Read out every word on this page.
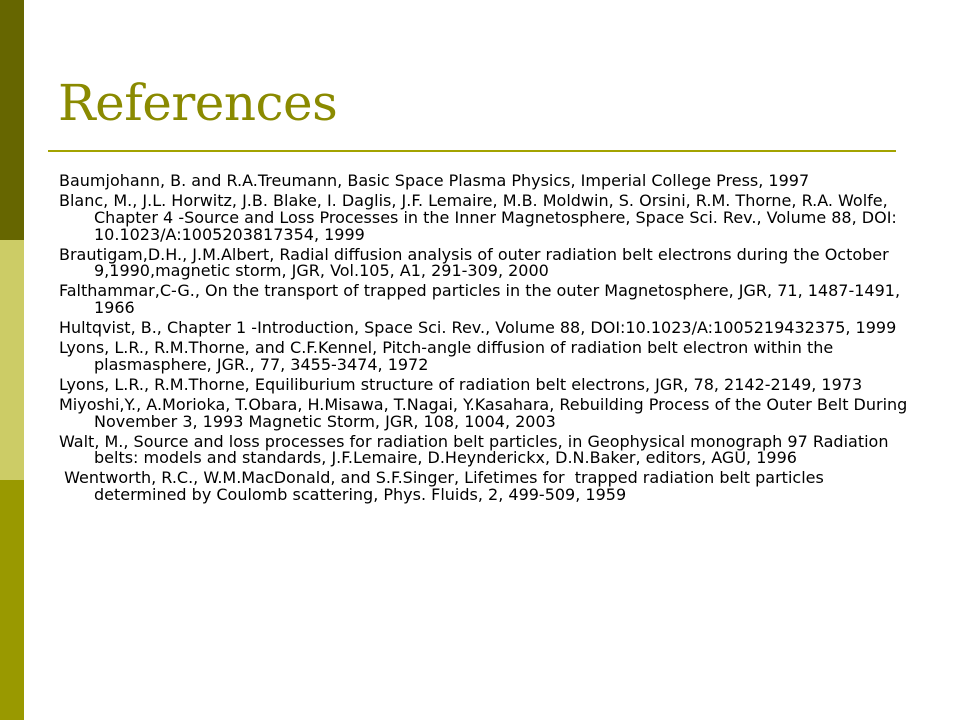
References
Baumjohann, B. and R.A.Treumann, Basic Space Plasma Physics, Imperial College Press, 1997
Blanc, M., J.L. Horwitz, J.B. Blake, I. Daglis, J.F. Lemaire, M.B. Moldwin, S. Orsini, R.M. Thorne, R.A. Wolfe, Chapter 4 -Source and Loss Processes in the Inner Magnetosphere, Space Sci. Rev., Volume 88, DOI: 10.1023/A:1005203817354, 1999
Brautigam,D.H., J.M.Albert, Radial diffusion analysis of outer radiation belt electrons during the October 9,1990,magnetic storm, JGR, Vol.105, A1, 291-309, 2000
Falthammar,C-G., On the transport of trapped particles in the outer Magnetosphere, JGR, 71, 1487-1491, 1966
Hultqvist, B., Chapter 1 -Introduction, Space Sci. Rev., Volume 88, DOI:10.1023/A:1005219432375, 1999
Lyons, L.R., R.M.Thorne, and C.F.Kennel, Pitch-angle diffusion of radiation belt electron within the plasmasphere, JGR., 77, 3455-3474, 1972
Lyons, L.R., R.M.Thorne, Equiliburium structure of radiation belt electrons, JGR, 78, 2142-2149, 1973
Miyoshi,Y., A.Morioka, T.Obara, H.Misawa, T.Nagai, Y.Kasahara, Rebuilding Process of the Outer Belt During November 3, 1993 Magnetic Storm, JGR, 108, 1004, 2003
Walt, M., Source and loss processes for radiation belt particles, in Geophysical monograph 97 Radiation belts: models and standards, J.F.Lemaire, D.Heynderickx, D.N.Baker, editors, AGU, 1996
Wentworth, R.C., W.M.MacDonald, and S.F.Singer, Lifetimes for  trapped radiation belt particles determined by Coulomb scattering, Phys. Fluids, 2, 499-509, 1959
